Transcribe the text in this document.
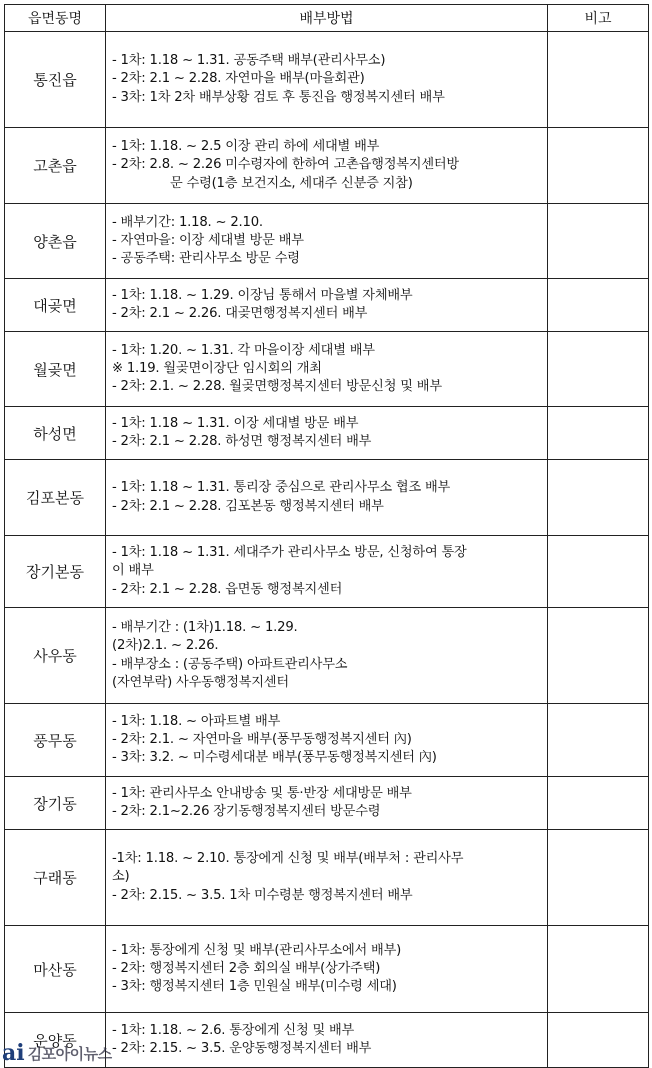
읍면동명	배부방법	비고
통진읍	- 1차: 1.18 ~ 1.31. 공동주택 배부(관리사무소)
- 2차: 2.1 ~ 2.28. 자연마을 배부(마을회관)
- 3차: 1차 2차 배부상황 검토 후 통진읍 행정복지센터 배부	

고촌읍	- 1차: 1.18. ~ 2.5 이장 관리 하에 세대별 배부
- 2차: 2.8. ~ 2.26 미수령자에 한하여 고촌읍행정복지센터방
문 수령(1층 보건지소, 세대주 신분증 지참)	

양촌읍	- 배부기간: 1.18. ~ 2.10.
- 자연마을: 이장 세대별 방문 배부
- 공동주택: 관리사무소 방문 수령	

대곶면	- 1차: 1.18. ~ 1.29. 이장님 통해서 마을별 자체배부
- 2차: 2.1 ~ 2.26. 대곶면행정복지센터 배부	

월곶면	- 1차: 1.20. ~ 1.31. 각 마을이장 세대별 배부
※ 1.19. 월곶면이장단 임시회의 개최
- 2차: 2.1. ~ 2.28. 월곶면행정복지센터 방문신청 및 배부	

하성면	- 1차: 1.18 ~ 1.31. 이장 세대별 방문 배부
- 2차: 2.1 ~ 2.28. 하성면 행정복지센터 배부	

김포본동	- 1차: 1.18 ~ 1.31. 통리장 중심으로 관리사무소 협조 배부
- 2차: 2.1 ~ 2.28. 김포본동 행정복지센터 배부	

장기본동	- 1차: 1.18 ~ 1.31. 세대주가 관리사무소 방문, 신청하여 통장
이 배부
- 2차: 2.1 ~ 2.28. 읍면동 행정복지센터	

사우동	- 배부기간 : (1차)1.18. ~ 1.29.
(2차)2.1. ~ 2.26.
- 배부장소 : (공동주택) 아파트관리사무소
(자연부락) 사우동행정복지센터	

풍무동	- 1차: 1.18. ~ 아파트별 배부
- 2차: 2.1. ~ 자연마을 배부(풍무동행정복지센터 內)
- 3차: 3.2. ~ 미수령세대분 배부(풍무동행정복지센터 內)	

장기동	- 1차: 관리사무소 안내방송 및 통·반장 세대방문 배부
- 2차: 2.1~2.26 장기동행정복지센터 방문수령	

구래동	-1차: 1.18. ~ 2.10. 통장에게 신청 및 배부(배부처 : 관리사무
소)
- 2차: 2.15. ~ 3.5. 1차 미수령분 행정복지센터 배부	

마산동	- 1차: 통장에게 신청 및 배부(관리사무소에서 배부)
- 2차: 행정복지센터 2층 회의실 배부(상가주택)
- 3차: 행정복지센터 1층 민원실 배부(미수령 세대)	

운양동	- 1차: 1.18. ~ 2.6. 통장에게 신청 및 배부
- 2차: 2.15. ~ 3.5. 운양동행정복지센터 배부	

ai 김포아이뉴스
